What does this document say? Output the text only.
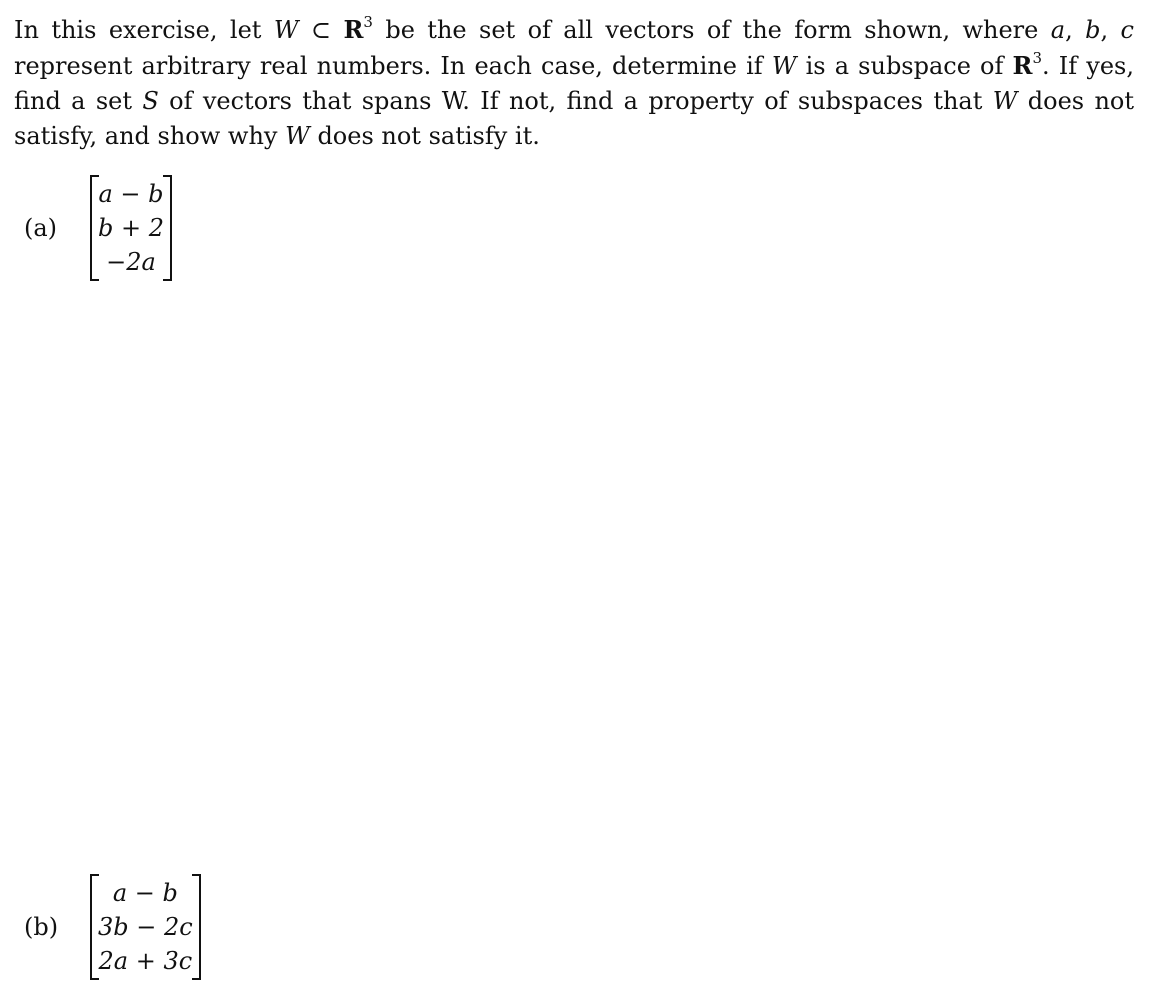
In this exercise, let W ⊂ $R^3$ be the set of all vectors of the form shown, where a, b, c represent arbitrary real numbers. In each case, determine if W is a subspace of $R^3$. If yes, find a set S of vectors that spans W. If not, find a property of subspaces that W does not satisfy, and show why W does not satisfy it.
(a)
a − b
b + 2
−2a
(b)
a − b
3b − 2c
2a + 3c
